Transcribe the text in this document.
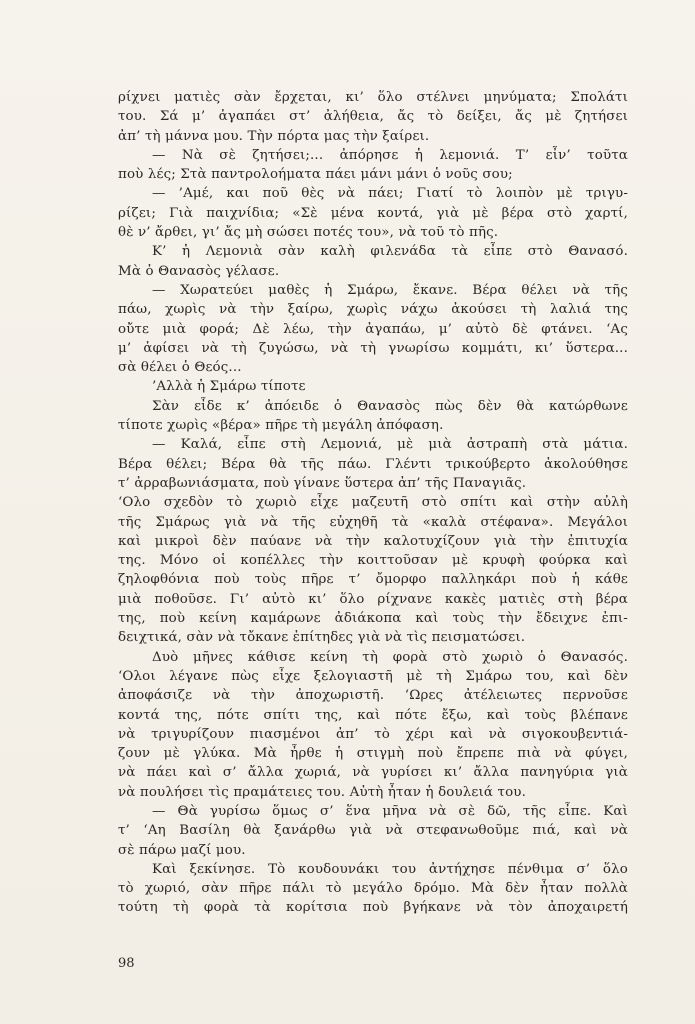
ρίχνει ματιὲς σὰν ἔρχεται, κι’ ὅλο στέλνει μηνύματα; Σπολάτι
του. Σά μ’ ἀγαπάει στ’ ἀλήθεια, ἄς τὸ δείξει, ἄς μὲ ζητήσει
ἀπ’ τὴ μάννα μου. Τὴν πόρτα μας τὴν ξαίρει.
— Νὰ σὲ ζητήσει;... ἀπόρησε ἡ λεμονιά. Τ’ εἶν’ τοῦτα
ποὺ λές; Στὰ παντρολοήματα πάει μάνι μάνι ὁ νοῦς σου;
— ’Αμέ, και ποῦ θὲς νὰ πάει; Γιατί τὸ λοιπὸν μὲ τριγυ-
ρίζει; Γιὰ παιχνίδια; «Σὲ μένα κοντά, γιὰ μὲ βέρα στὸ χαρτί,
θὲ ν’ ἄρθει, γι’ ἄς μὴ σώσει ποτές του», νὰ τοῦ τὸ πῆς.
Κ’ ἡ Λεμονιὰ σὰν καλὴ φιλενάδα τὰ εἶπε στὸ Θανασό.
Μὰ ὁ Θανασὸς γέλασε.
— Χωρατεύει μαθὲς ἡ Σμάρω, ἔκανε. Βέρα θέλει νὰ τῆς
πάω, χωρὶς νὰ τὴν ξαίρω, χωρὶς νάχω ἀκούσει τὴ λαλιά της
οὔτε μιὰ φορά; Δὲ λέω, τὴν ἀγαπάω, μ’ αὐτὸ δὲ φτάνει. ‘Ας
μ’ ἀφίσει νὰ τὴ ζυγώσω, νὰ τὴ γνωρίσω κομμάτι, κι’ ὕστερα...
σὰ θέλει ὁ Θεός...
’Αλλὰ ἡ Σμάρω τίποτε
Σὰν εἶδε κ’ ἀπόειδε ὁ Θανασὸς πὼς δὲν θὰ κατώρθωνε
τίποτε χωρὶς «βέρα» πῆρε τὴ μεγάλη ἀπόφαση.
— Καλά, εἶπε στὴ Λεμονιά, μὲ μιὰ ἀστραπὴ στὰ μάτια.
Βέρα θέλει; Βέρα θὰ τῆς πάω. Γλέντι τρικούβερτο ἀκολούθησε
τ’ ἀρραβωνιάσματα, ποὺ γίνανε ὕστερα ἀπ’ τῆς Παναγιᾶς.
‘Ολο σχεδὸν τὸ χωριὸ εἶχε μαζευτῆ στὸ σπίτι καὶ στὴν αὐλὴ
τῆς Σμάρως γιὰ νὰ τῆς εὐχηθῆ τὰ «καλὰ στέφανα». Μεγάλοι
καὶ μικροὶ δὲν παύανε νὰ τὴν καλοτυχίζουν γιὰ τὴν ἐπιτυχία
της. Μόνο οἱ κοπέλλες τὴν κοιττοῦσαν μὲ κρυφὴ φούρκα καὶ
ζηλοφθόνια ποὺ τοὺς πῆρε τ’ ὄμορφο παλληκάρι ποὺ ἡ κάθε
μιὰ ποθοῦσε. Γι’ αὐτὸ κι’ ὅλο ρίχνανε κακὲς ματιὲς στὴ βέρα
της, ποὺ κείνη καμάρωνε ἀδιάκοπα καὶ τοὺς τὴν ἔδειχνε ἐπι-
δειχτικά, σὰν νὰ τὄκανε ἐπίτηδες γιὰ νὰ τὶς πεισματώσει.
Δυὸ μῆνες κάθισε κείνη τὴ φορὰ στὸ χωριὸ ὁ Θανασός.
‘Ολοι λέγανε πὼς εἶχε ξελογιαστῆ μὲ τὴ Σμάρω του, καὶ δὲν
ἀποφάσιζε νὰ τὴν ἀποχωριστῆ. ‘Ωρες ἀτέλειωτες περνοῦσε
κοντά της, πότε σπίτι της, καὶ πότε ἔξω, καὶ τοὺς βλέπανε
νὰ τριγυρίζουν πιασμένοι ἀπ’ τὸ χέρι καὶ νὰ σιγοκουβεντιά-
ζουν μὲ γλύκα. Μὰ ἦρθε ἡ στιγμὴ ποὺ ἔπρεπε πιὰ νὰ φύγει,
νὰ πάει καὶ σ’ ἄλλα χωριά, νὰ γυρίσει κι’ ἄλλα πανηγύρια γιὰ
νὰ πουλήσει τὶς πραμάτειες του. Αὐτὴ ἦταν ἡ δουλειά του.
— Θὰ γυρίσω ὅμως σ’ ἕνα μῆνα νὰ σὲ δῶ, τῆς εἶπε. Καὶ
τ’ ‘Αη Βασίλη θὰ ξανάρθω γιὰ νὰ στεφανωθοῦμε πιά, καὶ νὰ
σὲ πάρω μαζί μου.
Καὶ ξεκίνησε. Τὸ κουδουνάκι του ἀντήχησε πένθιμα σ’ ὅλο
τὸ χωριό, σὰν πῆρε πάλι τὸ μεγάλο δρόμο. Μὰ δὲν ἦταν πολλὰ
τούτη τὴ φορὰ τὰ κορίτσια ποὺ βγήκανε νὰ τὸν ἀποχαιρετή
98
